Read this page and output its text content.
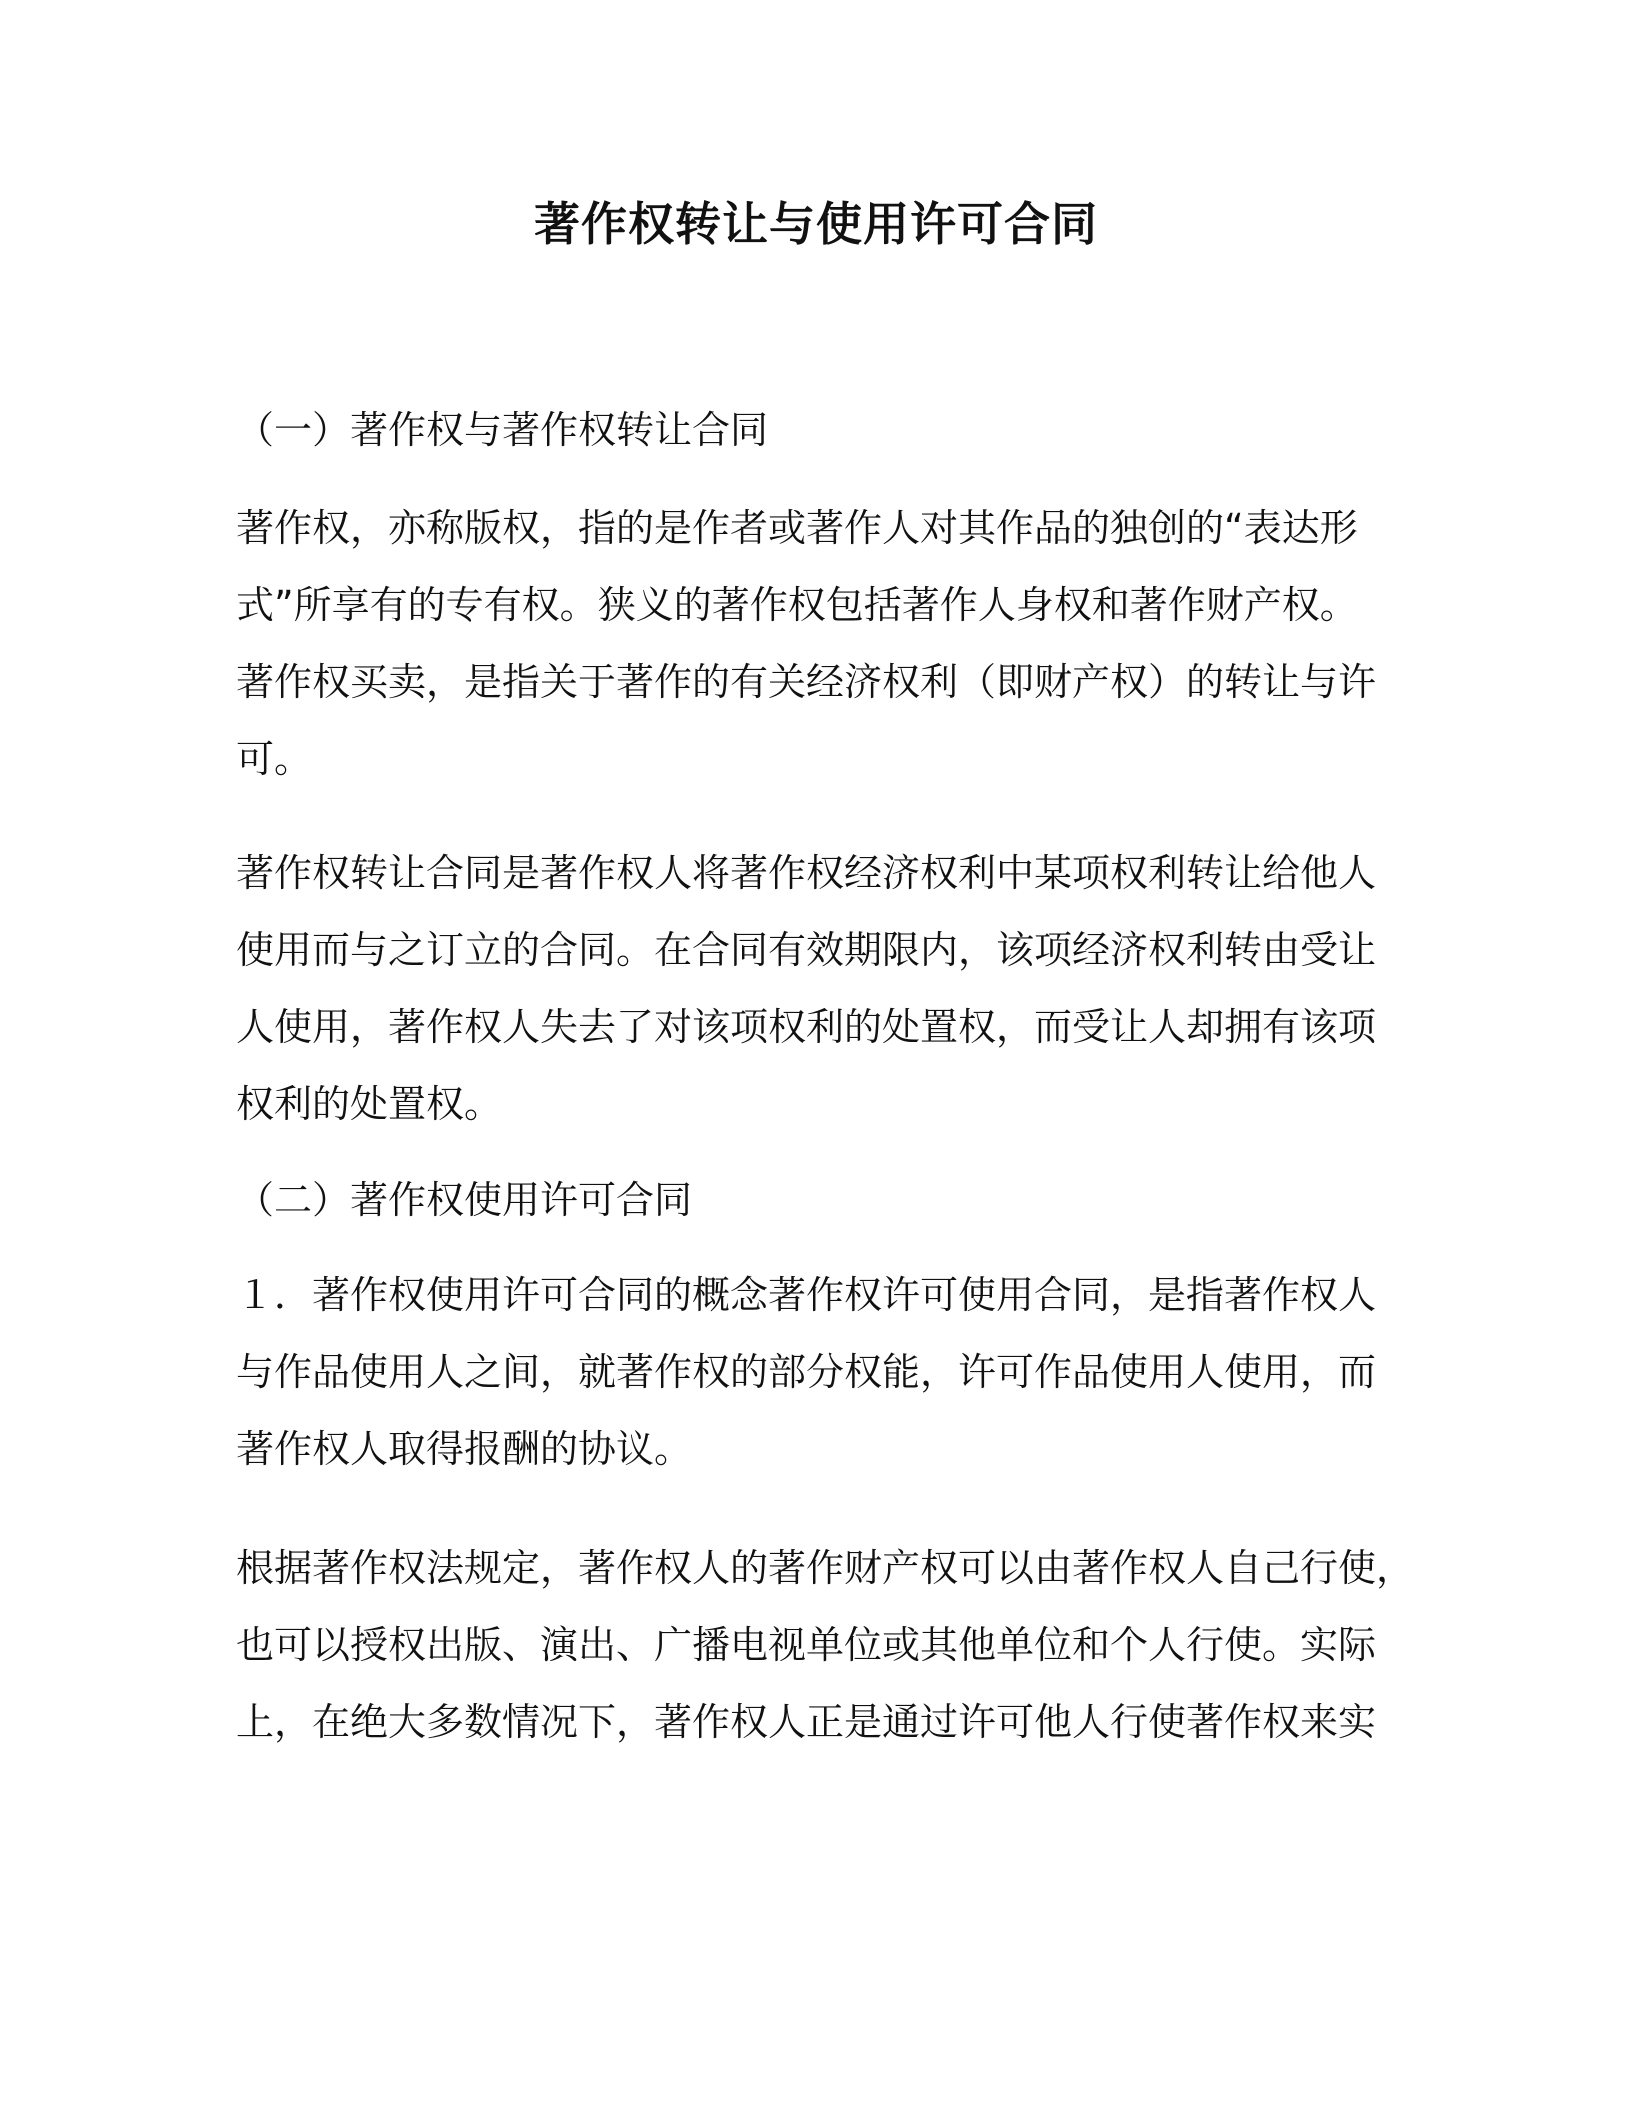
著作权转让与使用许可合同
（一）著作权与著作权转让合同
著作权，亦称版权，指的是作者或著作人对其作品的独创的“表达形
式”所享有的专有权。狭义的著作权包括著作人身权和著作财产权。
著作权买卖，是指关于著作的有关经济权利（即财产权）的转让与许
可。
著作权转让合同是著作权人将著作权经济权利中某项权利转让给他人
使用而与之订立的合同。在合同有效期限内，该项经济权利转由受让
人使用，著作权人失去了对该项权利的处置权，而受让人却拥有该项
权利的处置权。
（二）著作权使用许可合同
１．著作权使用许可合同的概念著作权许可使用合同，是指著作权人
与作品使用人之间，就著作权的部分权能，许可作品使用人使用，而
著作权人取得报酬的协议。
根据著作权法规定，著作权人的著作财产权可以由著作权人自己行使，
也可以授权出版、演出、广播电视单位或其他单位和个人行使。实际
上，在绝大多数情况下，著作权人正是通过许可他人行使著作权来实
